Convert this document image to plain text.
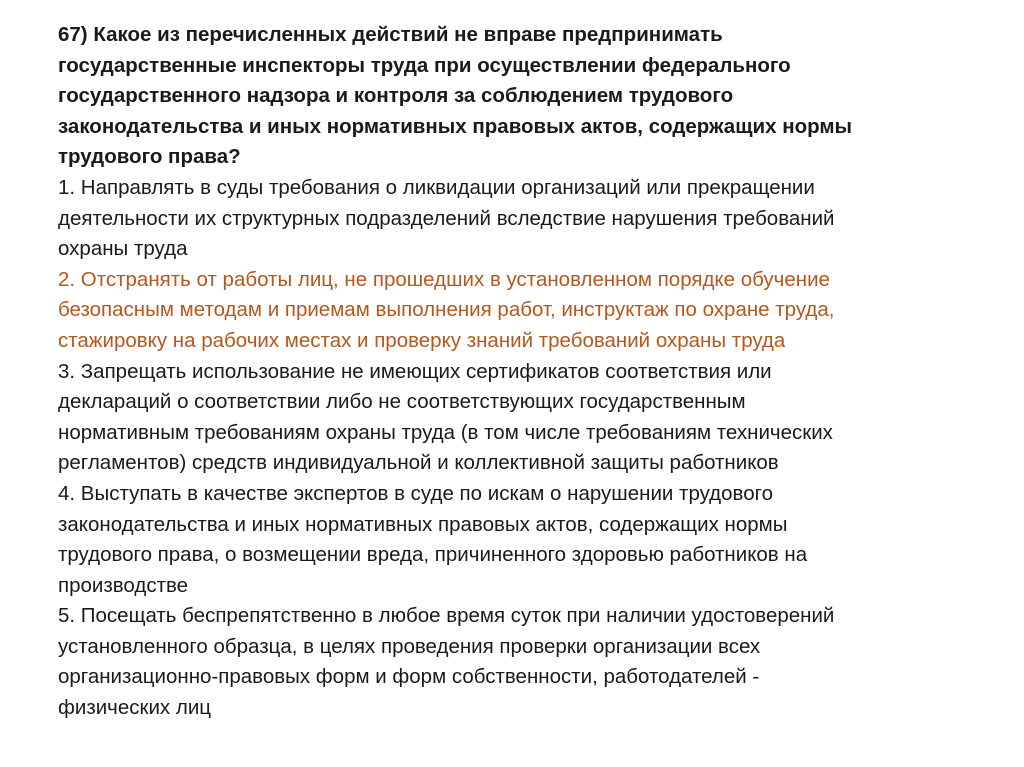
67) Какое из перечисленных действий не вправе предпринимать
государственные инспекторы труда при осуществлении федерального
государственного надзора и контроля за соблюдением трудового
законодательства и иных нормативных правовых актов, содержащих нормы
трудового права?

1. Направлять в суды требования о ликвидации организаций или прекращении
деятельности их структурных подразделений вследствие нарушения требований
охраны труда

2. Отстранять от работы лиц, не прошедших в установленном порядке обучение
безопасным методам и приемам выполнения работ, инструктаж по охране труда,
стажировку на рабочих местах и проверку знаний требований охраны труда

3. Запрещать использование не имеющих сертификатов соответствия или
деклараций о соответствии либо не соответствующих государственным
нормативным требованиям охраны труда (в том числе требованиям технических
регламентов) средств индивидуальной и коллективной защиты работников

4. Выступать в качестве экспертов в суде по искам о нарушении трудового
законодательства и иных нормативных правовых актов, содержащих нормы
трудового права, о возмещении вреда, причиненного здоровью работников на
производстве

5. Посещать беспрепятственно в любое время суток при наличии удостоверений
установленного образца, в целях проведения проверки организации всех
организационно-правовых форм и форм собственности, работодателей -
физических лиц
